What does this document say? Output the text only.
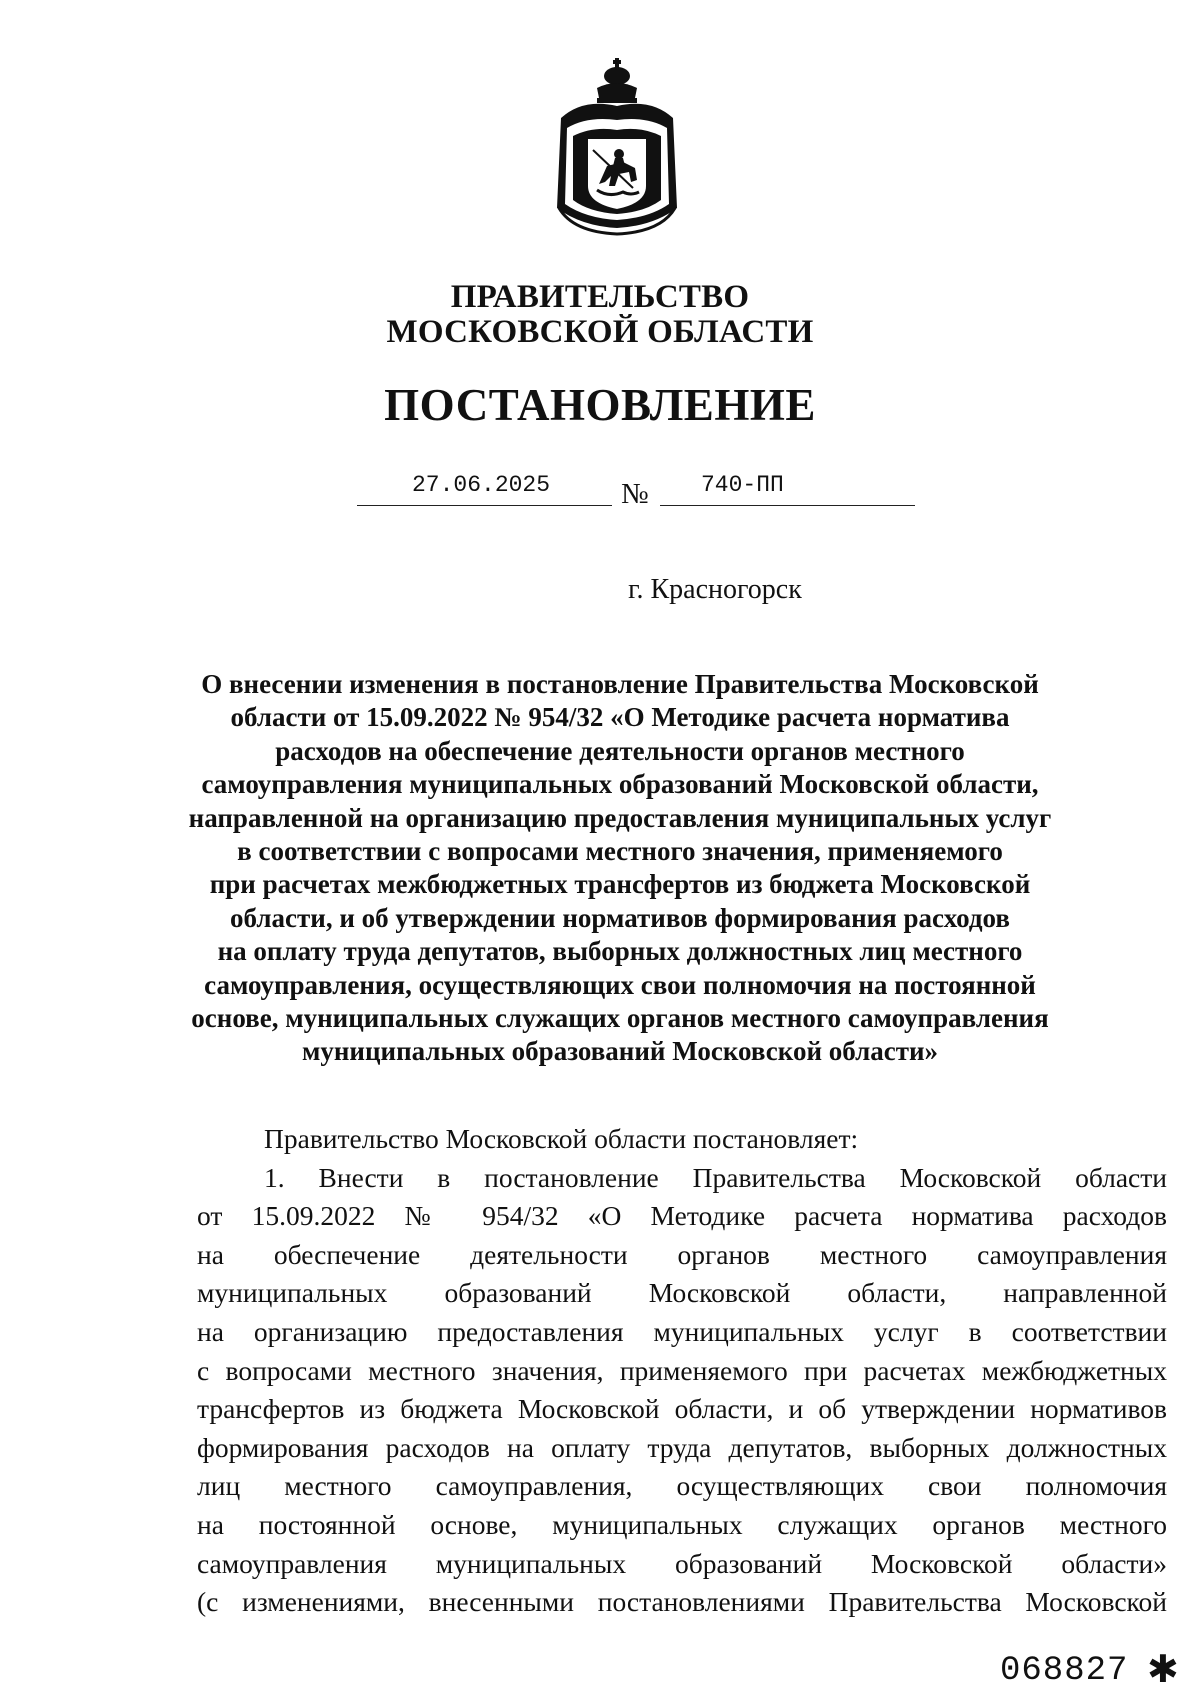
ПРАВИТЕЛЬСТВО
МОСКОВСКОЙ ОБЛАСТИ
ПОСТАНОВЛЕНИЕ
27.06.2025 № 740-ПП
г. Красногорск

О внесении изменения в постановление Правительства Московской
области от 15.09.2022 № 954/32 «О Методике расчета норматива
расходов на обеспечение деятельности органов местного
самоуправления муниципальных образований Московской области,
направленной на организацию предоставления муниципальных услуг
в соответствии с вопросами местного значения, применяемого
при расчетах межбюджетных трансфертов из бюджета Московской
области, и об утверждении нормативов формирования расходов
на оплату труда депутатов, выборных должностных лиц местного
самоуправления, осуществляющих свои полномочия на постоянной
основе, муниципальных служащих органов местного самоуправления
муниципальных образований Московской области»

Правительство Московской области постановляет:
1. Внести в постановление Правительства Московской области
от 15.09.2022 № 954/32 «О Методике расчета норматива расходов
на обеспечение деятельности органов местного самоуправления
муниципальных образований Московской области, направленной
на организацию предоставления муниципальных услуг в соответствии
с вопросами местного значения, применяемого при расчетах межбюджетных
трансфертов из бюджета Московской области, и об утверждении нормативов
формирования расходов на оплату труда депутатов, выборных должностных
лиц местного самоуправления, осуществляющих свои полномочия
на постоянной основе, муниципальных служащих органов местного
самоуправления муниципальных образований Московской области»
(с изменениями, внесенными постановлениями Правительства Московской
068827 ✱
